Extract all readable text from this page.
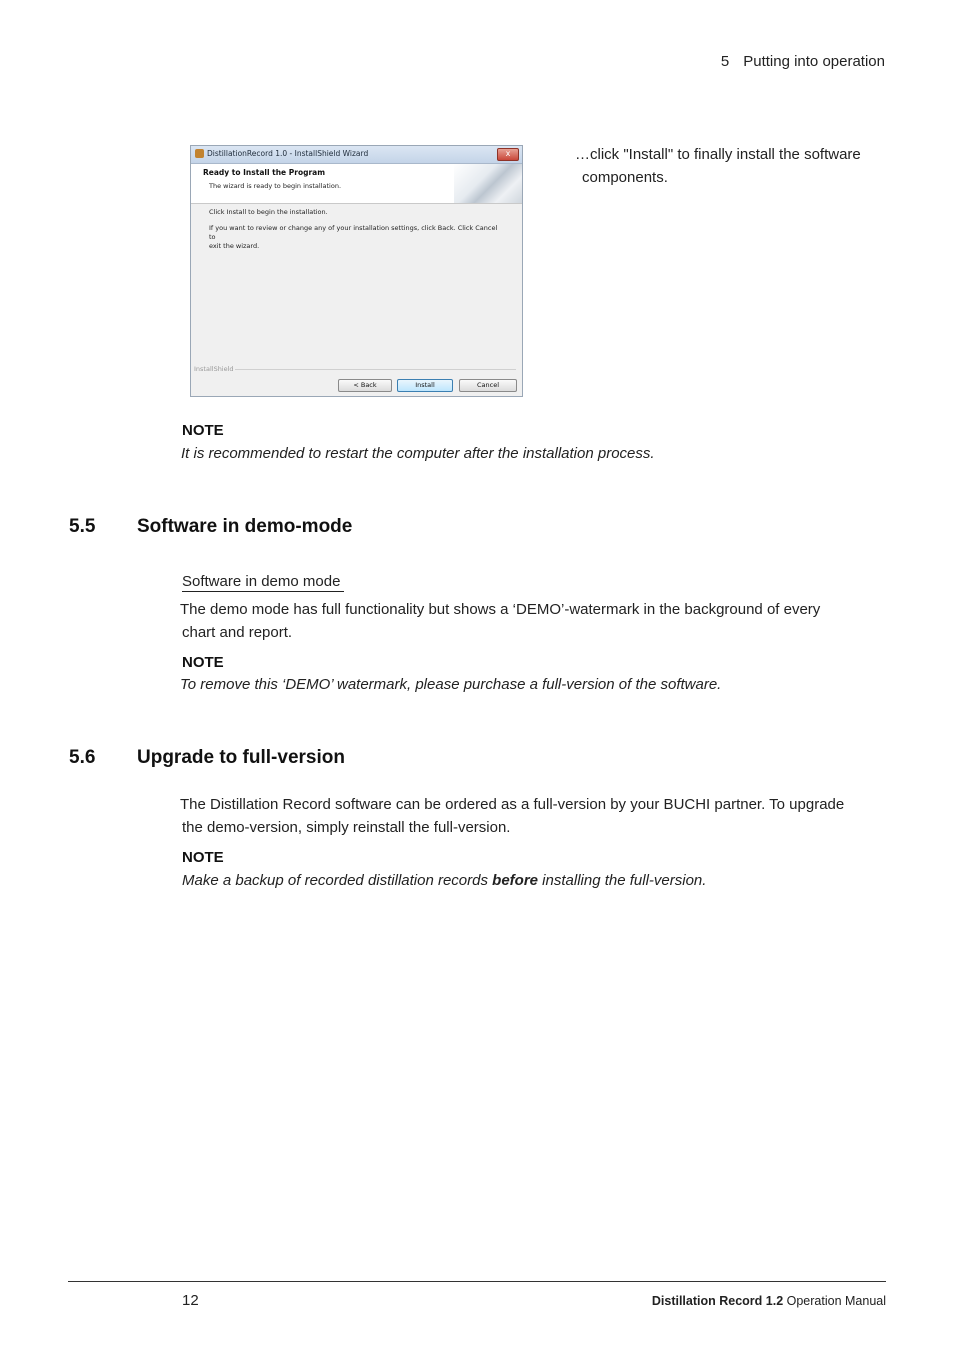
5 Putting into operation
DistillationRecord 1.0 - InstallShield Wizard	x
Ready to Install the Program
The wizard is ready to begin installation.
Click Install to begin the installation.
If you want to review or change any of your installation settings, click Back. Click Cancel to
exit the wizard.
InstallShield
< Back	Install	Cancel
…click "Install" to finally install the software
components.
NOTE
It is recommended to restart the computer after the installation process.
5.5 Software in demo-mode
Software in demo mode
The demo mode has full functionality but shows a ‘DEMO’-watermark in the background of every
chart and report.
NOTE
To remove this ‘DEMO’ watermark, please purchase a full-version of the software.
5.6 Upgrade to full-version
The Distillation Record software can be ordered as a full-version by your BUCHI partner. To upgrade
the demo-version, simply reinstall the full-version.
NOTE
Make a backup of recorded distillation records before installing the full-version.
12	Distillation Record 1.2 Operation Manual
